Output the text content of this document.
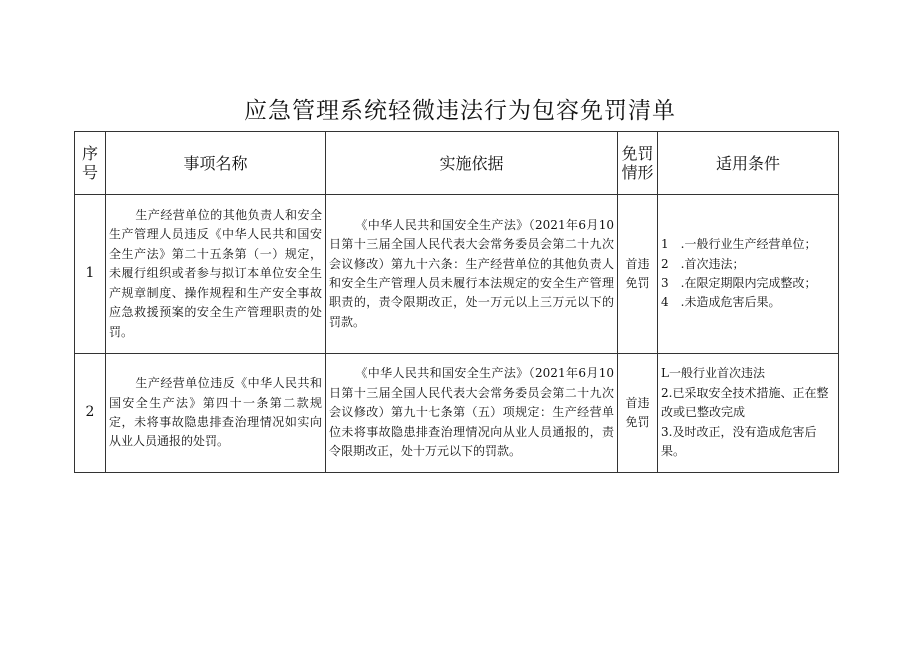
应急管理系统轻微违法行为包容免罚清单
序号	事项名称	实施依据	免罚情形	适用条件
1	生产经营单位的其他负责人和安全生产管理人员违反《中华人民共和国安全生产法》第二十五条第（一）规定，未履行组织或者参与拟订本单位安全生产规章制度、操作规程和生产安全事故应急救援预案的安全生产管理职责的处罚。	《中华人民共和国安全生产法》（2021年6月10日第十三届全国人民代表大会常务委员会第二十九次会议修改）第九十六条：生产经营单位的其他负责人和安全生产管理人员未履行本法规定的安全生产管理职责的，责令限期改正，处一万元以上三万元以下的罚款。	首违免罚	1　.一般行业生产经营单位；
2　.首次违法；
3　.在限定期限内完成整改；
4　.未造成危害后果。

2	生产经营单位违反《中华人民共和国安全生产法》第四十一条第二款规定，未将事故隐患排查治理情况如实向从业人员通报的处罚。	《中华人民共和国安全生产法》（2021年6月10日第十三届全国人民代表大会常务委员会第二十九次会议修改）第九十七条第（五）项规定：生产经营单位未将事故隐患排查治理情况向从业人员通报的，责令限期改正，处十万元以下的罚款。	首违免罚	L一般行业首次违法
2.已采取安全技术措施、正在整改或已整改完成
3.及时改正，没有造成危害后果。
